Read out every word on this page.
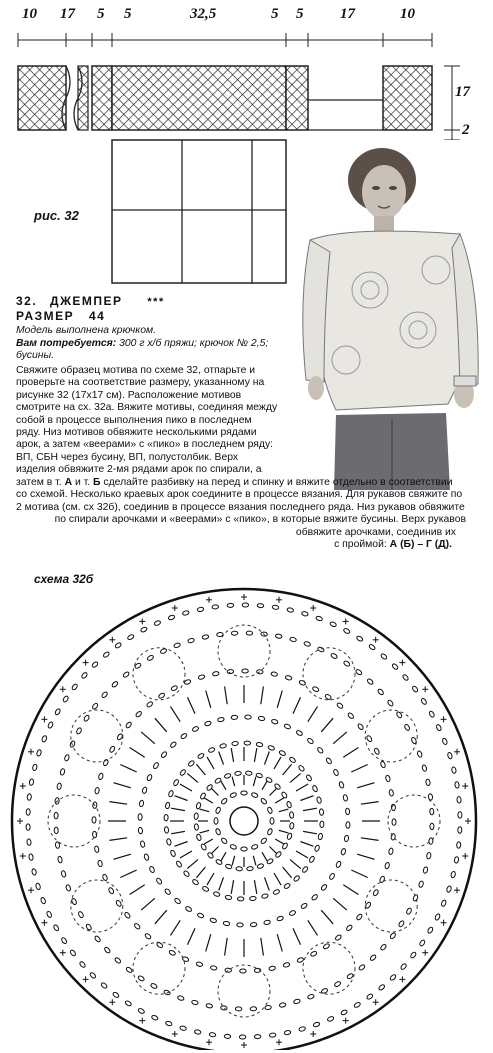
10 17 5 5	32,5	5 5 17	10
17
2
рис. 32
32. ДЖЕМПЕР ***
РАЗМЕР 44
Модель выполнена крючком.
Вам потребуется: 300 г х/б пряжи; крючок № 2,5; бусины.
Свяжите образец мотива по схеме 32, отпарьте и
проверьте на соответствие размеру, указанному на
рисунке 32 (17х17 см). Расположение мотивов
смотрите на сх. 32а. Вяжите мотивы, соединяя между
собой в процессе выполнения пико в последнем
ряду. Низ мотивов обвяжите несколькими рядами
арок, а затем «веерами» с «пико» в последнем ряду:
ВП, СБН через бусину, ВП, полустолбик. Верх
изделия обвяжите 2-мя рядами арок по спирали, а
затем в т. А и т. Б сделайте разбивку на перед и спинку и вяжите отдельно в соответствии
со схемой. Несколько краевых арок соедините в процессе вязания. Для рукавов свяжите по
2 мотива (см. сх 32б), соединив в процессе вязания последнего ряда. Низ рукавов обвяжите
по спирали арочками и «веерами» с «пико», в которые вяжите бусины. Верх рукавов
обвяжите арочками, соединив их
с проймой: А (Б) – Г (Д).
схема 32б
